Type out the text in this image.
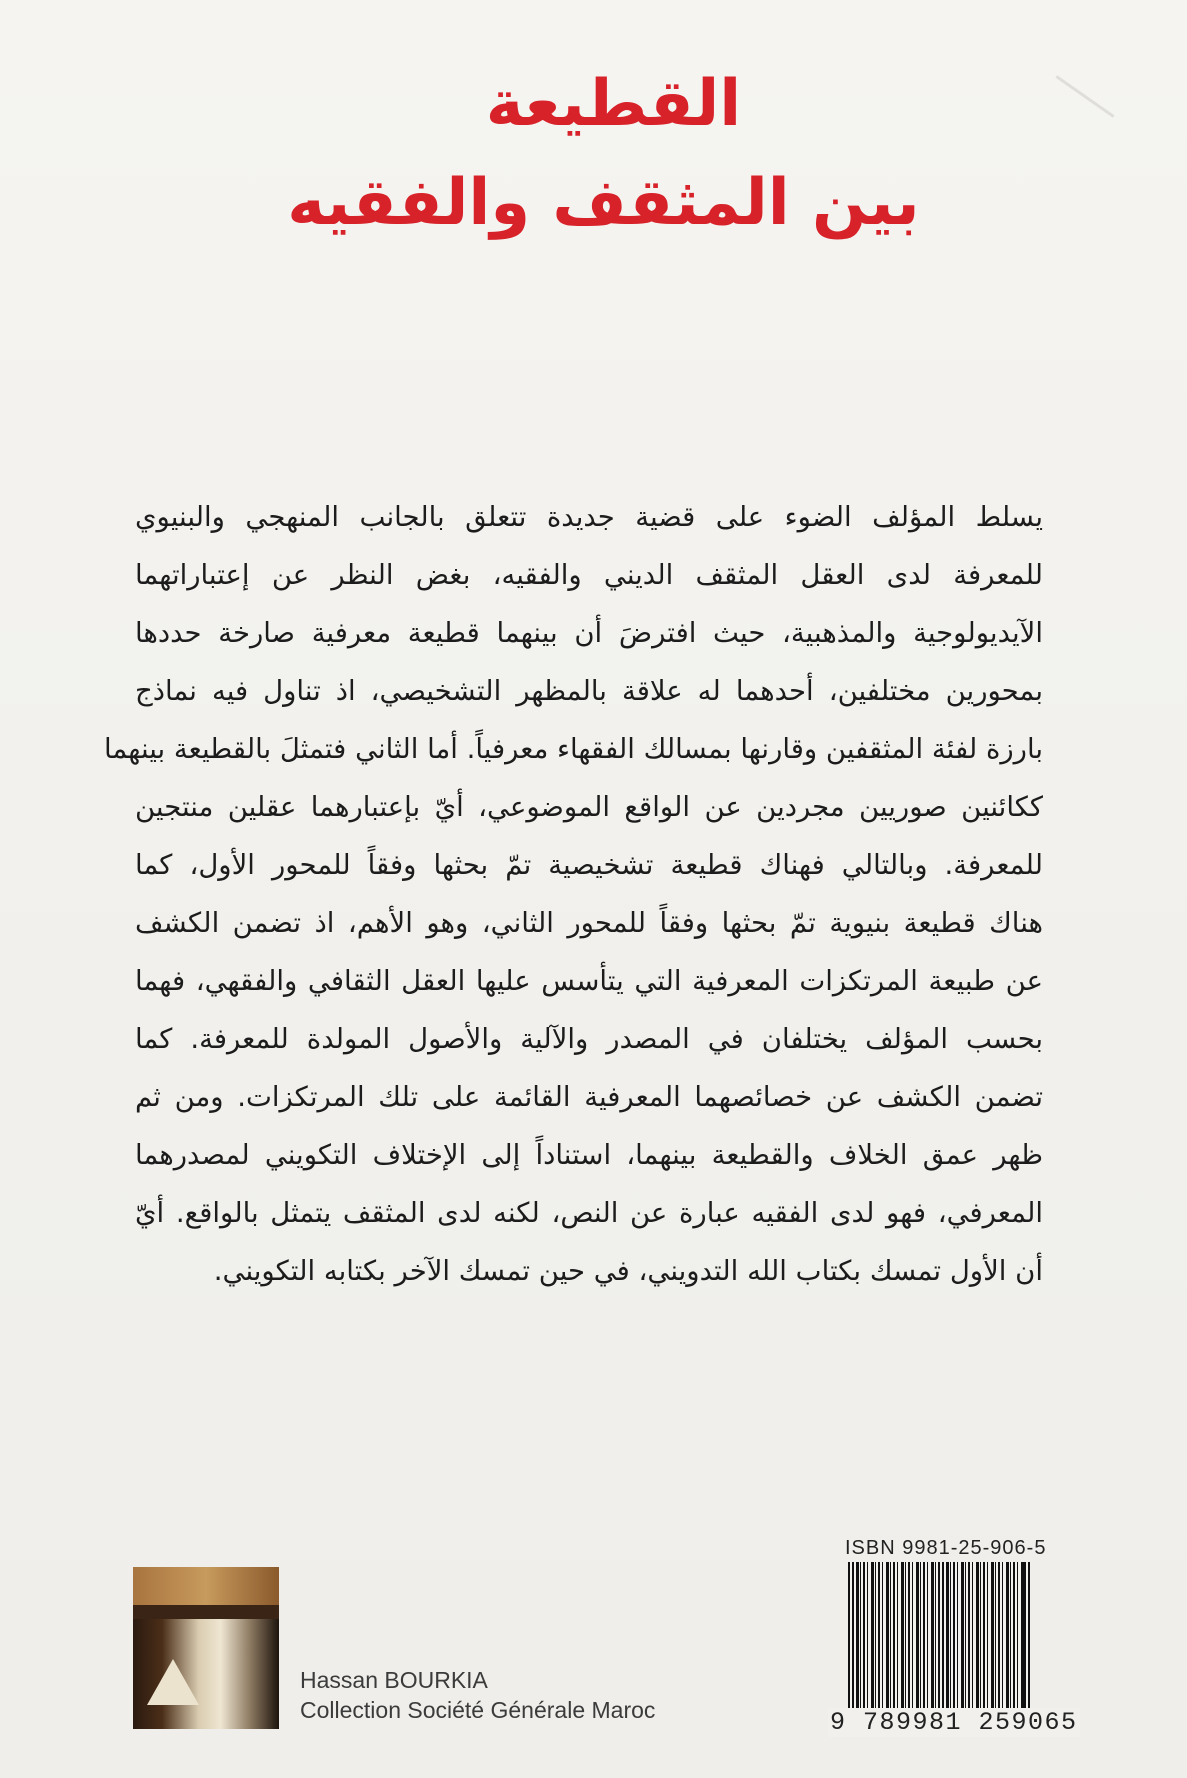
القطيعة
بين المثقف والفقيه
يسلط المؤلف الضوء على قضية جديدة تتعلق بالجانب المنهجي والبنيوي
للمعرفة لدى العقل المثقف الديني والفقيه، بغض النظر عن إعتباراتهما
الآيديولوجية والمذهبية، حيث افترضَ أن بينهما قطيعة معرفية صارخة حددها
بمحورين مختلفين، أحدهما له علاقة بالمظهر التشخيصي، اذ تناول فيه نماذج
بارزة لفئة المثقفين وقارنها بمسالك الفقهاء معرفياً. أما الثاني فتمثلَ بالقطيعة بينهما
ككائنين صوريين مجردين عن الواقع الموضوعي، أيّ بإعتبارهما عقلين منتجين
للمعرفة. وبالتالي فهناك قطيعة تشخيصية تمّ بحثها وفقاً للمحور الأول، كما
هناك قطيعة بنيوية تمّ بحثها وفقاً للمحور الثاني، وهو الأهم، اذ تضمن الكشف
عن طبيعة المرتكزات المعرفية التي يتأسس عليها العقل الثقافي والفقهي، فهما
بحسب المؤلف يختلفان في المصدر والآلية والأصول المولدة للمعرفة. كما
تضمن الكشف عن خصائصهما المعرفية القائمة على تلك المرتكزات. ومن ثم
ظهر عمق الخلاف والقطيعة بينهما، استناداً إلى الإختلاف التكويني لمصدرهما
المعرفي، فهو لدى الفقيه عبارة عن النص، لكنه لدى المثقف يتمثل بالواقع. أيّ
أن الأول تمسك بكتاب الله التدويني، في حين تمسك الآخر بكتابه التكويني.
Hassan BOURKIA
Collection Société Générale Maroc
ISBN 9981-25-906-5
9 789981 259065
